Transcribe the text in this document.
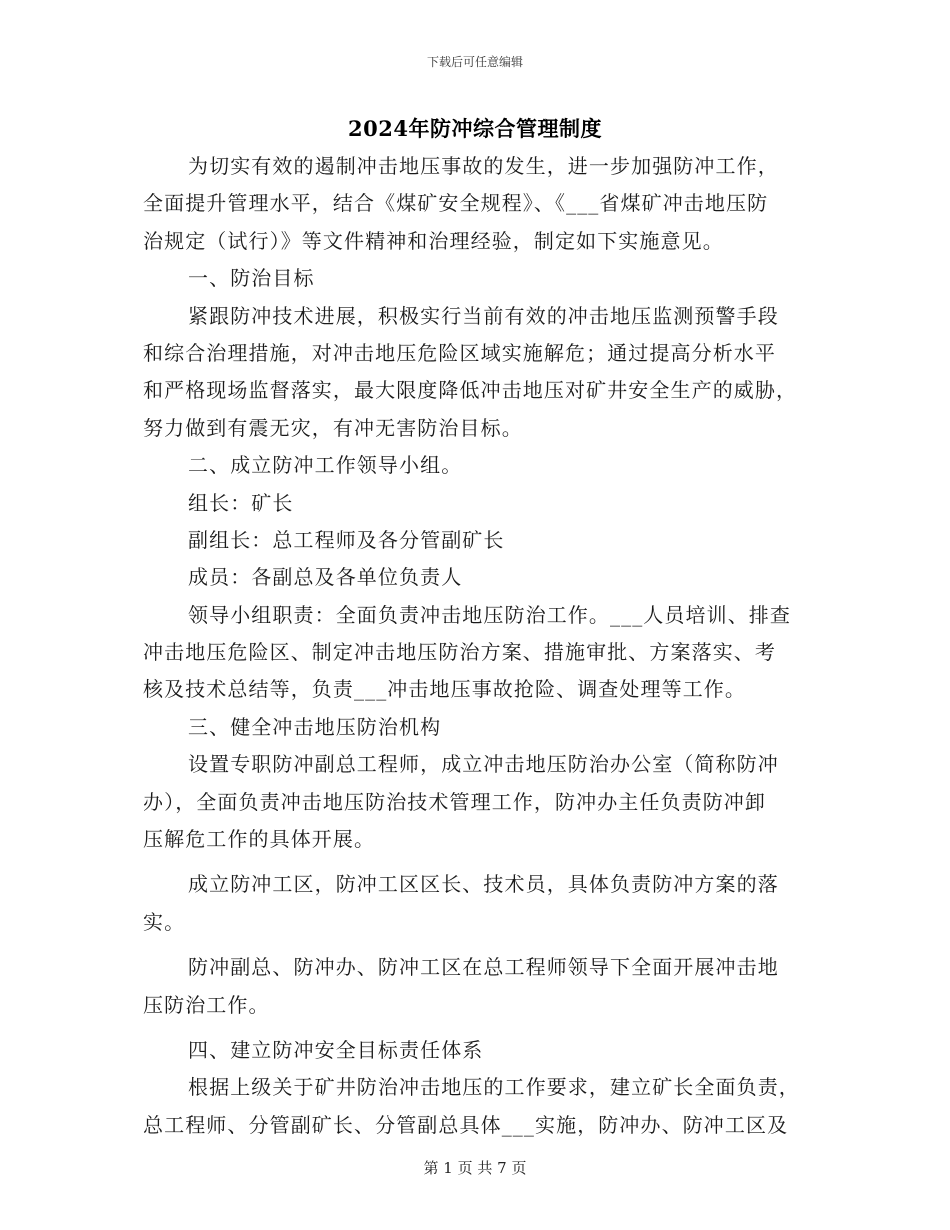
下载后可任意编辑
2024年防冲综合管理制度
为切实有效的遏制冲击地压事故的发生，进一步加强防冲工作，
全面提升管理水平，结合《煤矿安全规程》、《___省煤矿冲击地压防
治规定（试行）》等文件精神和治理经验，制定如下实施意见。
一、防治目标
紧跟防冲技术进展，积极实行当前有效的冲击地压监测预警手段
和综合治理措施，对冲击地压危险区域实施解危；通过提高分析水平
和严格现场监督落实，最大限度降低冲击地压对矿井安全生产的威胁，
努力做到有震无灾，有冲无害防治目标。
二、成立防冲工作领导小组。
组长：矿长
副组长：总工程师及各分管副矿长
成员：各副总及各单位负责人
领导小组职责：全面负责冲击地压防治工作。___人员培训、排查
冲击地压危险区、制定冲击地压防治方案、措施审批、方案落实、考
核及技术总结等，负责___冲击地压事故抢险、调查处理等工作。
三、健全冲击地压防治机构
设置专职防冲副总工程师，成立冲击地压防治办公室（简称防冲
办），全面负责冲击地压防治技术管理工作，防冲办主任负责防冲卸
压解危工作的具体开展。
成立防冲工区，防冲工区区长、技术员，具体负责防冲方案的落
实。
防冲副总、防冲办、防冲工区在总工程师领导下全面开展冲击地
压防治工作。
四、建立防冲安全目标责任体系
根据上级关于矿井防治冲击地压的工作要求，建立矿长全面负责，
总工程师、分管副矿长、分管副总具体___实施，防冲办、防冲工区及
第 1 页 共 7 页
